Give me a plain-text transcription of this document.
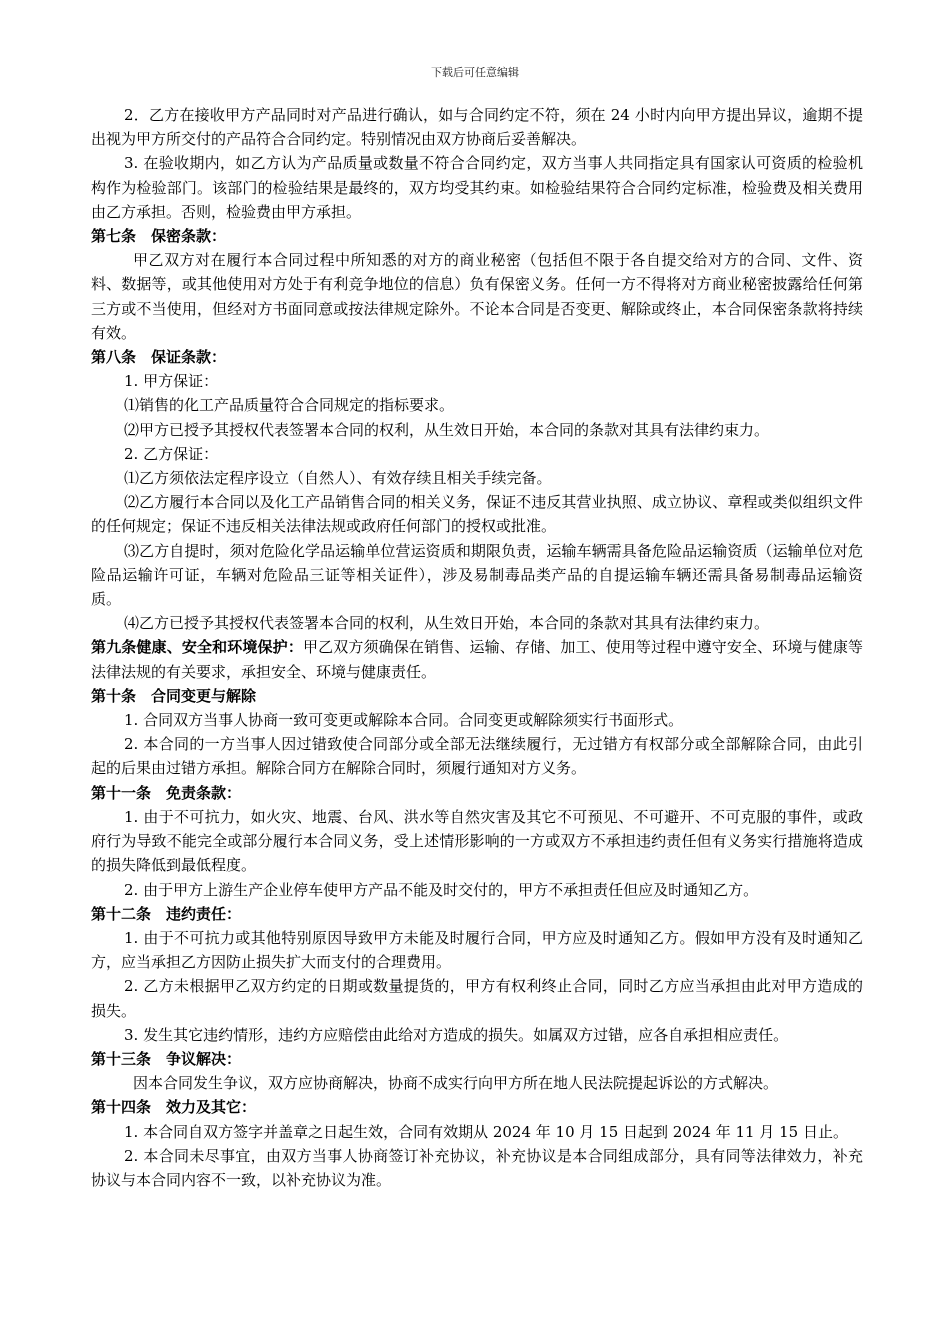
下载后可任意编辑

2．乙方在接收甲方产品同时对产品进行确认，如与合同约定不符，须在 24 小时内向甲方提出异议，逾期不提出视为甲方所交付的产品符合合同约定。特别情况由双方协商后妥善解决。

3. 在验收期内，如乙方认为产品质量或数量不符合合同约定，双方当事人共同指定具有国家认可资质的检验机构作为检验部门。该部门的检验结果是最终的，双方均受其约束。如检验结果符合合同约定标准，检验费及相关费用由乙方承担。否则，检验费由甲方承担。

第七条 保密条款：

甲乙双方对在履行本合同过程中所知悉的对方的商业秘密（包括但不限于各自提交给对方的合同、文件、资料、数据等，或其他使用对方处于有利竞争地位的信息）负有保密义务。任何一方不得将对方商业秘密披露给任何第三方或不当使用，但经对方书面同意或按法律规定除外。不论本合同是否变更、解除或终止，本合同保密条款将持续有效。

第八条 保证条款：

1. 甲方保证：

⑴销售的化工产品质量符合合同规定的指标要求。

⑵甲方已授予其授权代表签署本合同的权利，从生效日开始，本合同的条款对其具有法律约束力。

2. 乙方保证：

⑴乙方须依法定程序设立（自然人）、有效存续且相关手续完备。

⑵乙方履行本合同以及化工产品销售合同的相关义务，保证不违反其营业执照、成立协议、章程或类似组织文件的任何规定；保证不违反相关法律法规或政府任何部门的授权或批准。

⑶乙方自提时，须对危险化学品运输单位营运资质和期限负责，运输车辆需具备危险品运输资质（运输单位对危险品运输许可证，车辆对危险品三证等相关证件），涉及易制毒品类产品的自提运输车辆还需具备易制毒品运输资质。

⑷乙方已授予其授权代表签署本合同的权利，从生效日开始，本合同的条款对其具有法律约束力。

第九条健康、安全和环境保护：甲乙双方须确保在销售、运输、存储、加工、使用等过程中遵守安全、环境与健康等法律法规的有关要求，承担安全、环境与健康责任。

第十条 合同变更与解除

1. 合同双方当事人协商一致可变更或解除本合同。合同变更或解除须实行书面形式。

2. 本合同的一方当事人因过错致使合同部分或全部无法继续履行，无过错方有权部分或全部解除合同，由此引起的后果由过错方承担。解除合同方在解除合同时，须履行通知对方义务。

第十一条 免责条款：

1. 由于不可抗力，如火灾、地震、台风、洪水等自然灾害及其它不可预见、不可避开、不可克服的事件，或政府行为导致不能完全或部分履行本合同义务，受上述情形影响的一方或双方不承担违约责任但有义务实行措施将造成的损失降低到最低程度。

2. 由于甲方上游生产企业停车使甲方产品不能及时交付的，甲方不承担责任但应及时通知乙方。

第十二条 违约责任：

1. 由于不可抗力或其他特别原因导致甲方未能及时履行合同，甲方应及时通知乙方。假如甲方没有及时通知乙方，应当承担乙方因防止损失扩大而支付的合理费用。

2. 乙方未根据甲乙双方约定的日期或数量提货的，甲方有权利终止合同，同时乙方应当承担由此对甲方造成的损失。

3. 发生其它违约情形，违约方应赔偿由此给对方造成的损失。如属双方过错，应各自承担相应责任。

第十三条 争议解决：

因本合同发生争议，双方应协商解决，协商不成实行向甲方所在地人民法院提起诉讼的方式解决。

第十四条 效力及其它：

1. 本合同自双方签字并盖章之日起生效，合同有效期从 2024 年 10 月 15 日起到 2024 年 11 月 15 日止。

2. 本合同未尽事宜，由双方当事人协商签订补充协议，补充协议是本合同组成部分，具有同等法律效力，补充协议与本合同内容不一致，以补充协议为准。
